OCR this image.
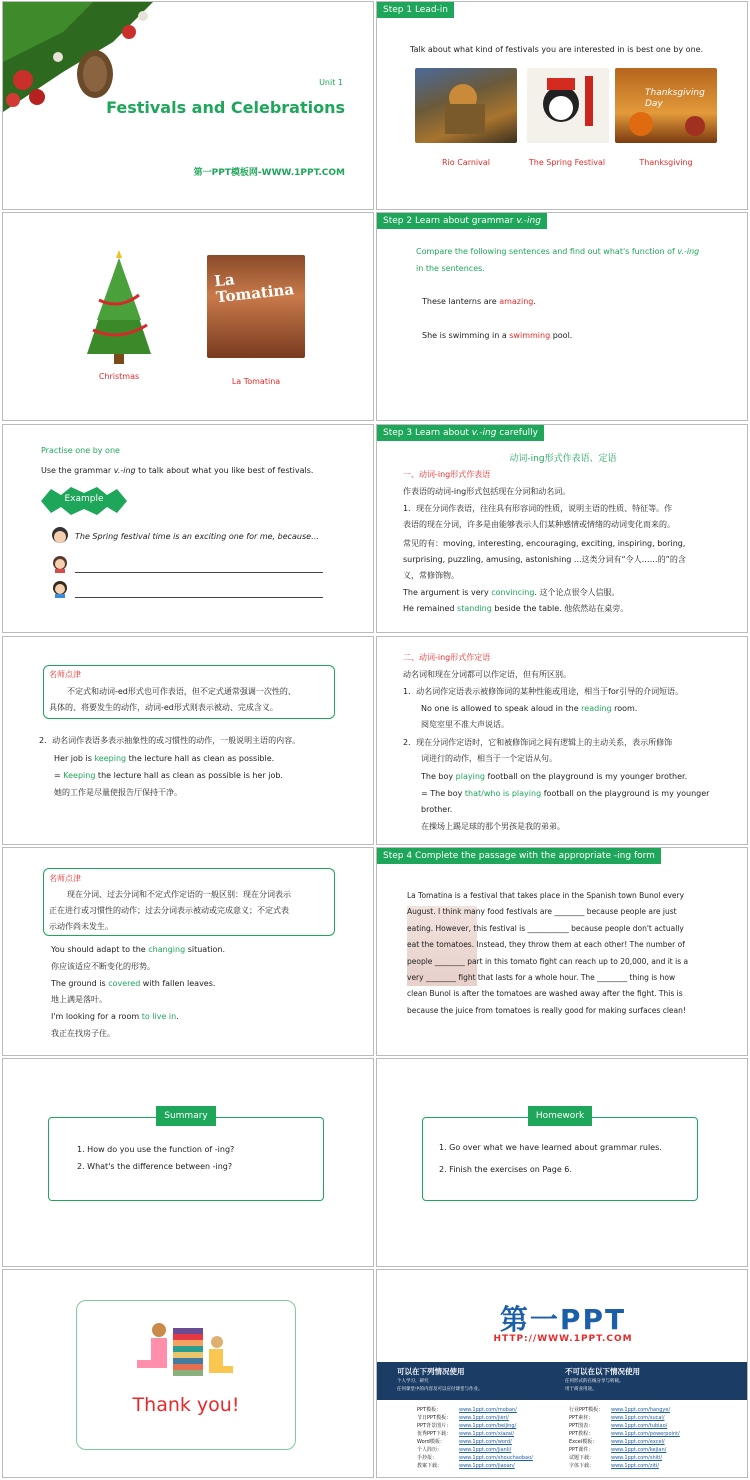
Unit 1
Festivals and Celebrations
第一PPT模板网-WWW.1PPT.COM
Step 1 Lead-in
Talk about what kind of festivals you are interested in is best one by one.
Thanksgiving Day
Rio Carnival	The Spring Festival	Thanksgiving
La Tomatina
Christmas
La Tomatina
Step 2 Learn about grammar v.-ing
Compare the following sentences and find out what's function of v.-ing
in the sentences.
These lanterns are amazing.
She is swimming in a swimming pool.
Practise one by one
Use the grammar v.-ing to talk about what you like best of festivals.
Example
The Spring festival time is an exciting one for me, because…
Step 3 Learn about v.-ing carefully
动词-ing形式作表语、定语
一、动词-ing形式作表语
作表语的动词-ing形式包括现在分词和动名词。
1．现在分词作表语，往往具有形容词的性质，说明主语的性质、特征等。作
表语的现在分词，许多是由能够表示人们某种感情或情绪的动词变化而来的。
常见的有：moving, interesting, encouraging, exciting, inspiring, boring,
surprising, puzzling, amusing, astonishing ...这类分词有“令人……的”的含
义，常修饰物。
The argument is very convincing. 这个论点很令人信服。
He remained standing beside the table. 他依然站在桌旁。
名师点津
不定式和动词-ed形式也可作表语，但不定式通常强调一次性的、
具体的、将要发生的动作，动词-ed形式则表示被动、完成含义。
2．动名词作表语多表示抽象性的或习惯性的动作，一般说明主语的内容。
Her job is keeping the lecture hall as clean as possible.
= Keeping the lecture hall as clean as possible is her job.
她的工作是尽量使报告厅保持干净。
二、动词-ing形式作定语
动名词和现在分词都可以作定语，但有所区别。
1．动名词作定语表示被修饰词的某种性能或用途，相当于for引导的介词短语。
No one is allowed to speak aloud in the reading room.
阅览室里不准大声说话。
2．现在分词作定语时，它和被修饰词之间有逻辑上的主动关系，表示所修饰
词进行的动作，相当于一个定语从句。
The boy playing football on the playground is my younger brother.
= The boy that/who is playing football on the playground is my younger
brother.
在操场上踢足球的那个男孩是我的弟弟。
名师点津
现在分词、过去分词和不定式作定语的一般区别：现在分词表示
正在进行或习惯性的动作；过去分词表示被动或完成意义；不定式表
示动作尚未发生。
You should adapt to the changing situation.
你应该适应不断变化的形势。
The ground is covered with fallen leaves.
地上满是落叶。
I'm looking for a room to live in.
我正在找房子住。
Step 4 Complete the passage with the appropriate -ing form
La Tomatina is a festival that takes place in the Spanish town Bunol every
August. I think many food festivals are ________ because people are just
eating. However, this festival is ___________ because people don't actually
eat the tomatoes. Instead, they throw them at each other! The number of
people ________ part in this tomato fight can reach up to 20,000, and it is a
very ________ fight that lasts for a whole hour. The ________ thing is how
clean Bunol is after the tomatoes are washed away after the fight. This is
because the juice from tomatoes is really good for making surfaces clean!
Summary
1. How do you use the function of -ing?
2. What's the difference between -ing?
Homework
1. Go over what we have learned about grammar rules.
2. Finish the exercises on Page 6.
Thank you!
第一PPT
HTTP://WWW.1PPT.COM
可以在下列情况使用
个人学习、研究
任何课堂中的内容及可以应付课堂与作业。
不可以在以下情况使用
任何形式的在线分享与转载。
用于商业用途。
PPT模板：	www.1ppt.com/moban/
节日PPT模板： www.1ppt.com/jieri/
PPT背景图片： www.1ppt.com/beijing/
优秀PPT下载： www.1ppt.com/xiazai/
Word模板：	www.1ppt.com/word/
个人简历：	www.1ppt.com/jianli/
手抄报：	www.1ppt.com/shouchaobao/
教案下载：	www.1ppt.com/jiaoan/
行业PPT模板： www.1ppt.com/hangye/
PPT素材：	www.1ppt.com/sucai/
PPT图表：	www.1ppt.com/tubiao/
PPT教程：	www.1ppt.com/powerpoint/
Excel模板：	www.1ppt.com/excel/
PPT课件：	www.1ppt.com/kejian/
试题下载：	www.1ppt.com/shiti/
字体下载：	www.1ppt.com/ziti/
